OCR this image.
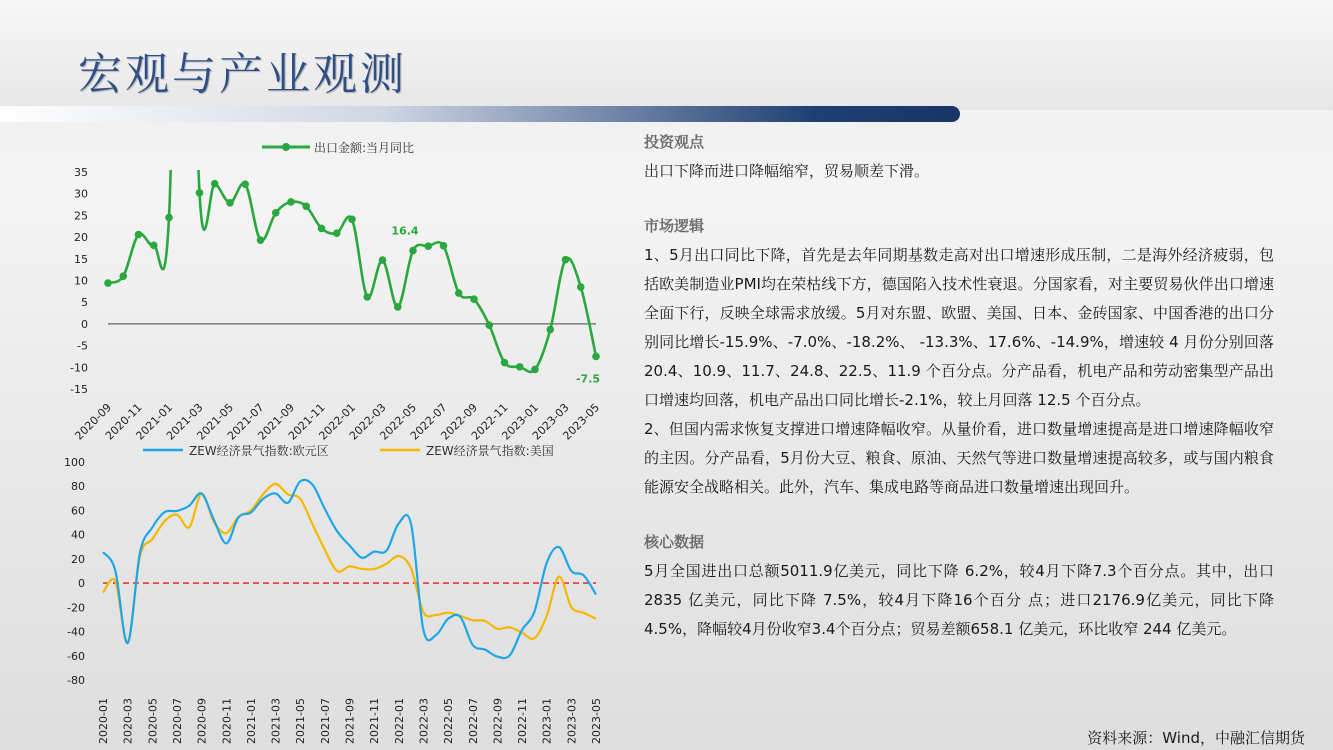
宏观与产业观测
出口金额:当月同比
35
30
25
20
15
10
5
0
-5
-10
-15
2020-09
2020-11
2021-01
2021-03
2021-05
2021-07
2021-09
2021-11
2022-01
2022-03
2022-05
2022-07
2022-09
2022-11
2023-01
2023-03
2023-05
16.4
-7.5
ZEW经济景气指数:欧元区	ZEW经济景气指数:美国
100
80
60
40
20
0
-20
-40
-60
-80
2020-01 2020-03 2020-05 2020-07 2020-09 2020-11 2021-01 2021-03 2021-05 2021-07 2021-09 2021-11 2022-01 2022-03 2022-05 2022-07 2022-09 2022-11 2023-01 2023-03 2023-05
投资观点
出口下降而进口降幅缩窄，贸易顺差下滑。
市场逻辑
1、5月出口同比下降，首先是去年同期基数走高对出口增速形成压制，二是海外经济疲弱，包括欧美制造业PMI均在荣枯线下方，德国陷入技术性衰退。分国家看，对主要贸易伙伴出口增速全面下行，反映全球需求放缓。5月对东盟、欧盟、美国、日本、金砖国家、中国香港的出口分别同比增长-15.9%、-7.0%、-18.2%、 -13.3%、17.6%、-14.9%，增速较 4 月份分别回落 20.4、10.9、11.7、24.8、22.5、11.9 个百分点。分产品看，机电产品和劳动密集型产品出口增速均回落，机电产品出口同比增长-2.1%，较上月回落 12.5 个百分点。
2、但国内需求恢复支撑进口增速降幅收窄。从量价看，进口数量增速提高是进口增速降幅收窄的主因。分产品看，5月份大豆、粮食、原油、天然气等进口数量增速提高较多，或与国内粮食能源安全战略相关。此外，汽车、集成电路等商品进口数量增速出现回升。
核心数据
5月全国进出口总额5011.9亿美元，同比下降 6.2%，较4月下降7.3个百分点。其中，出口 2835 亿美元，同比下降 7.5%，较4月下降16个百分 点；进口2176.9亿美元，同比下降 4.5%，降幅较4月份收窄3.4个百分点；贸易差额658.1 亿美元，环比收窄 244 亿美元。
资料来源：Wind，中融汇信期货
